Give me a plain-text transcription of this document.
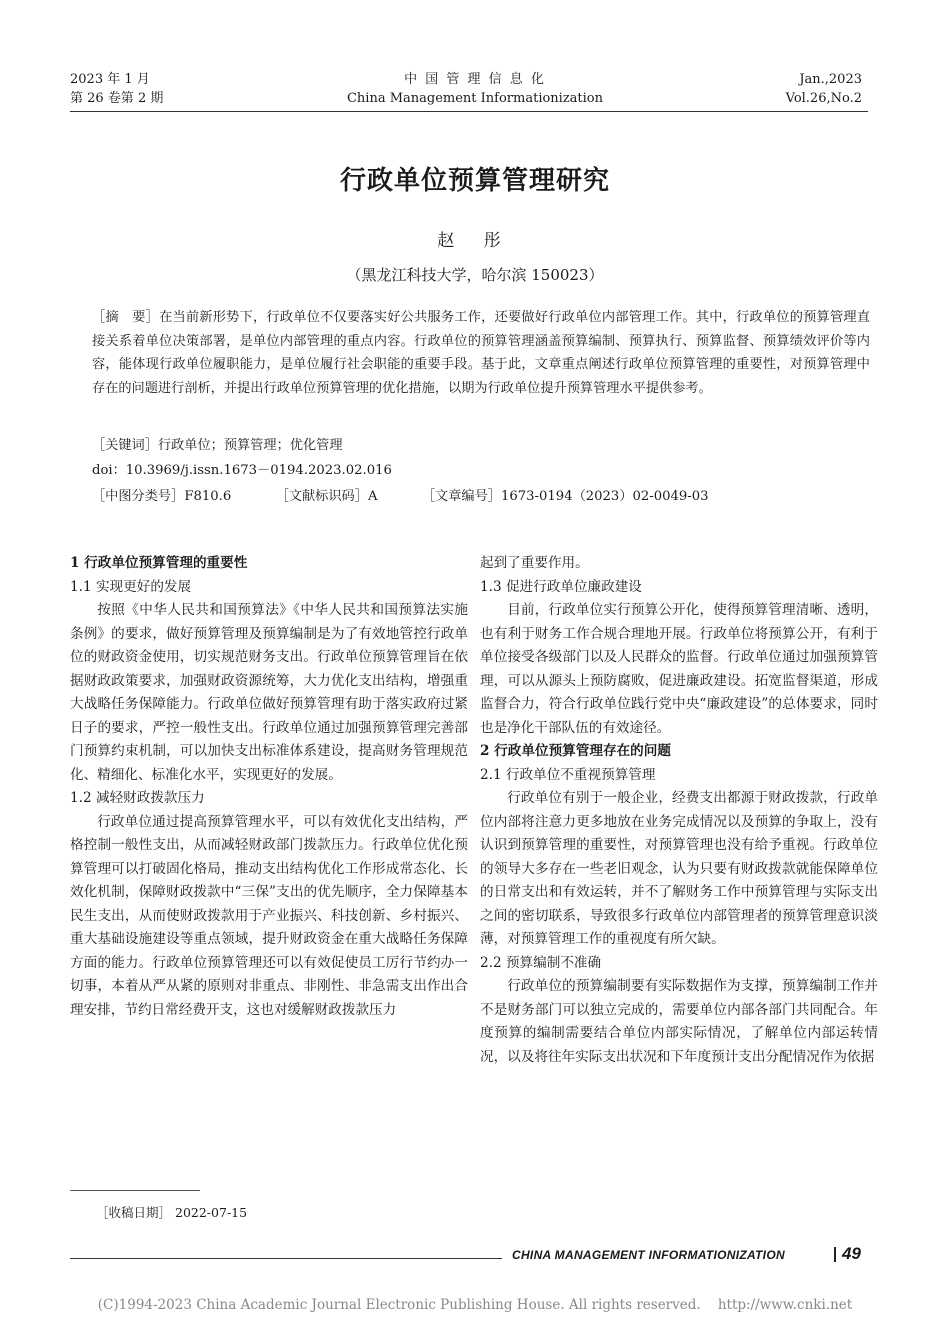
2023 年 1 月
第 26 卷第 2 期
中 国 管 理 信 息 化
China Management Informationization
Jan.,2023
Vol.26,No.2
行政单位预算管理研究
赵 彤
（黑龙江科技大学，哈尔滨 150023）
［摘　要］在当前新形势下，行政单位不仅要落实好公共服务工作，还要做好行政单位内部管理工作。其中，行政单位的预算管理直接关系着单位决策部署，是单位内部管理的重点内容。行政单位的预算管理涵盖预算编制、预算执行、预算监督、预算绩效评价等内容，能体现行政单位履职能力，是单位履行社会职能的重要手段。基于此，文章重点阐述行政单位预算管理的重要性，对预算管理中存在的问题进行剖析，并提出行政单位预算管理的优化措施，以期为行政单位提升预算管理水平提供参考。
［关键词］行政单位；预算管理；优化管理
doi：10.3969/j.issn.1673－0194.2023.02.016
［中图分类号］F810.6	［文献标识码］A	［文章编号］1673-0194（2023）02-0049-03
1 行政单位预算管理的重要性
1.1 实现更好的发展

按照《中华人民共和国预算法》《中华人民共和国预算法实施条例》的要求，做好预算管理及预算编制是为了有效地管控行政单位的财政资金使用，切实规范财务支出。行政单位预算管理旨在依据财政政策要求，加强财政资源统筹，大力优化支出结构，增强重大战略任务保障能力。行政单位做好预算管理有助于落实政府过紧日子的要求，严控一般性支出。行政单位通过加强预算管理完善部门预算约束机制，可以加快支出标准体系建设，提高财务管理规范化、精细化、标准化水平，实现更好的发展。

1.2 减轻财政拨款压力

行政单位通过提高预算管理水平，可以有效优化支出结构，严格控制一般性支出，从而减轻财政部门拨款压力。行政单位优化预算管理可以打破固化格局，推动支出结构优化工作形成常态化、长效化机制，保障财政拨款中“三保”支出的优先顺序，全力保障基本民生支出，从而使财政拨款用于产业振兴、科技创新、乡村振兴、重大基础设施建设等重点领域，提升财政资金在重大战略任务保障方面的能力。行政单位预算管理还可以有效促使员工厉行节约办一切事，本着从严从紧的原则对非重点、非刚性、非急需支出作出合理安排，节约日常经费开支，这也对缓解财政拨款压力

起到了重要作用。

1.3 促进行政单位廉政建设

目前，行政单位实行预算公开化，使得预算管理清晰、透明，也有利于财务工作合规合理地开展。行政单位将预算公开，有利于单位接受各级部门以及人民群众的监督。行政单位通过加强预算管理，可以从源头上预防腐败，促进廉政建设。拓宽监督渠道，形成监督合力，符合行政单位践行党中央“廉政建设”的总体要求，同时也是净化干部队伍的有效途径。

2 行政单位预算管理存在的问题
2.1 行政单位不重视预算管理

行政单位有别于一般企业，经费支出都源于财政拨款，行政单位内部将注意力更多地放在业务完成情况以及预算的争取上，没有认识到预算管理的重要性，对预算管理也没有给予重视。行政单位的领导大多存在一些老旧观念，认为只要有财政拨款就能保障单位的日常支出和有效运转，并不了解财务工作中预算管理与实际支出之间的密切联系，导致很多行政单位内部管理者的预算管理意识淡薄，对预算管理工作的重视度有所欠缺。

2.2 预算编制不准确

行政单位的预算编制要有实际数据作为支撑，预算编制工作并不是财务部门可以独立完成的，需要单位内部各部门共同配合。年度预算的编制需要结合单位内部实际情况，了解单位内部运转情况，以及将往年实际支出状况和下年度预计支出分配情况作为依据

［收稿日期］ 2022-07-15
CHINA MANAGEMENT INFORMATIONIZATION	49
(C)1994-2023 China Academic Journal Electronic Publishing House. All rights reserved.    http://www.cnki.net
